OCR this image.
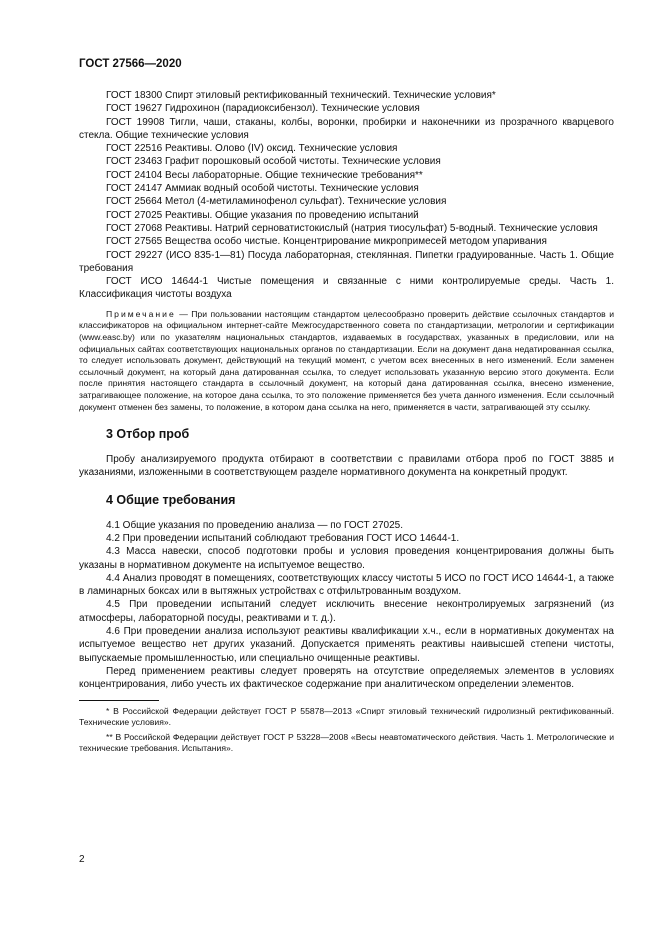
ГОСТ 27566—2020

ГОСТ 18300 Спирт этиловый ректификованный технический. Технические условия*

ГОСТ 19627 Гидрохинон (парадиоксибензол). Технические условия

ГОСТ 19908 Тигли, чаши, стаканы, колбы, воронки, пробирки и наконечники из прозрачного кварцевого стекла. Общие технические условия

ГОСТ 22516 Реактивы. Олово (IV) оксид. Технические условия

ГОСТ 23463 Графит порошковый особой чистоты. Технические условия

ГОСТ 24104 Весы лабораторные. Общие технические требования**

ГОСТ 24147 Аммиак водный особой чистоты. Технические условия

ГОСТ 25664 Метол (4-метиламинофенол сульфат). Технические условия

ГОСТ 27025 Реактивы. Общие указания по проведению испытаний

ГОСТ 27068 Реактивы. Натрий серноватистокислый (натрия тиосульфат) 5-водный. Технические условия

ГОСТ 27565 Вещества особо чистые. Концентрирование микропримесей методом упаривания

ГОСТ 29227 (ИСО 835-1—81) Посуда лабораторная, стеклянная. Пипетки градуированные. Часть 1. Общие требования

ГОСТ ИСО 14644-1 Чистые помещения и связанные с ними контролируемые среды. Часть 1. Классификация чистоты воздуха

Примечание — При пользовании настоящим стандартом целесообразно проверить действие ссылочных стандартов и классификаторов на официальном интернет-сайте Межгосударственного совета по стандартизации, метрологии и сертификации (www.easc.by) или по указателям национальных стандартов, издаваемых в государствах, указанных в предисловии, или на официальных сайтах соответствующих национальных органов по стандартизации. Если на документ дана недатированная ссылка, то следует использовать документ, действующий на текущий момент, с учетом всех внесенных в него изменений. Если заменен ссылочный документ, на который дана датированная ссылка, то следует использовать указанную версию этого документа. Если после принятия настоящего стандарта в ссылочный документ, на который дана датированная ссылка, внесено изменение, затрагивающее положение, на которое дана ссылка, то это положение применяется без учета данного изменения. Если ссылочный документ отменен без замены, то положение, в котором дана ссылка на него, применяется в части, затрагивающей эту ссылку.

3 Отбор проб

Пробу анализируемого продукта отбирают в соответствии с правилами отбора проб по ГОСТ 3885 и указаниями, изложенными в соответствующем разделе нормативного документа на конкретный продукт.

4 Общие требования

4.1 Общие указания по проведению анализа — по ГОСТ 27025.

4.2 При проведении испытаний соблюдают требования ГОСТ ИСО 14644-1.

4.3 Масса навески, способ подготовки пробы и условия проведения концентрирования должны быть указаны в нормативном документе на испытуемое вещество.

4.4 Анализ проводят в помещениях, соответствующих классу чистоты 5 ИСО по ГОСТ ИСО 14644-1, а также в ламинарных боксах или в вытяжных устройствах с отфильтрованным воздухом.

4.5 При проведении испытаний следует исключить внесение неконтролируемых загрязнений (из атмосферы, лабораторной посуды, реактивами и т. д.).

4.6 При проведении анализа используют реактивы квалификации х.ч., если в нормативных документах на испытуемое вещество нет других указаний. Допускается применять реактивы наивысшей степени чистоты, выпускаемые промышленностью, или специально очищенные реактивы.

Перед применением реактивы следует проверять на отсутствие определяемых элементов в условиях концентрирования, либо учесть их фактическое содержание при аналитическом определении элементов.

* В Российской Федерации действует ГОСТ Р 55878—2013 «Спирт этиловый технический гидролизный ректификованный. Технические условия».

** В Российской Федерации действует ГОСТ Р 53228—2008 «Весы неавтоматического действия. Часть 1. Метрологические и технические требования. Испытания».

2
